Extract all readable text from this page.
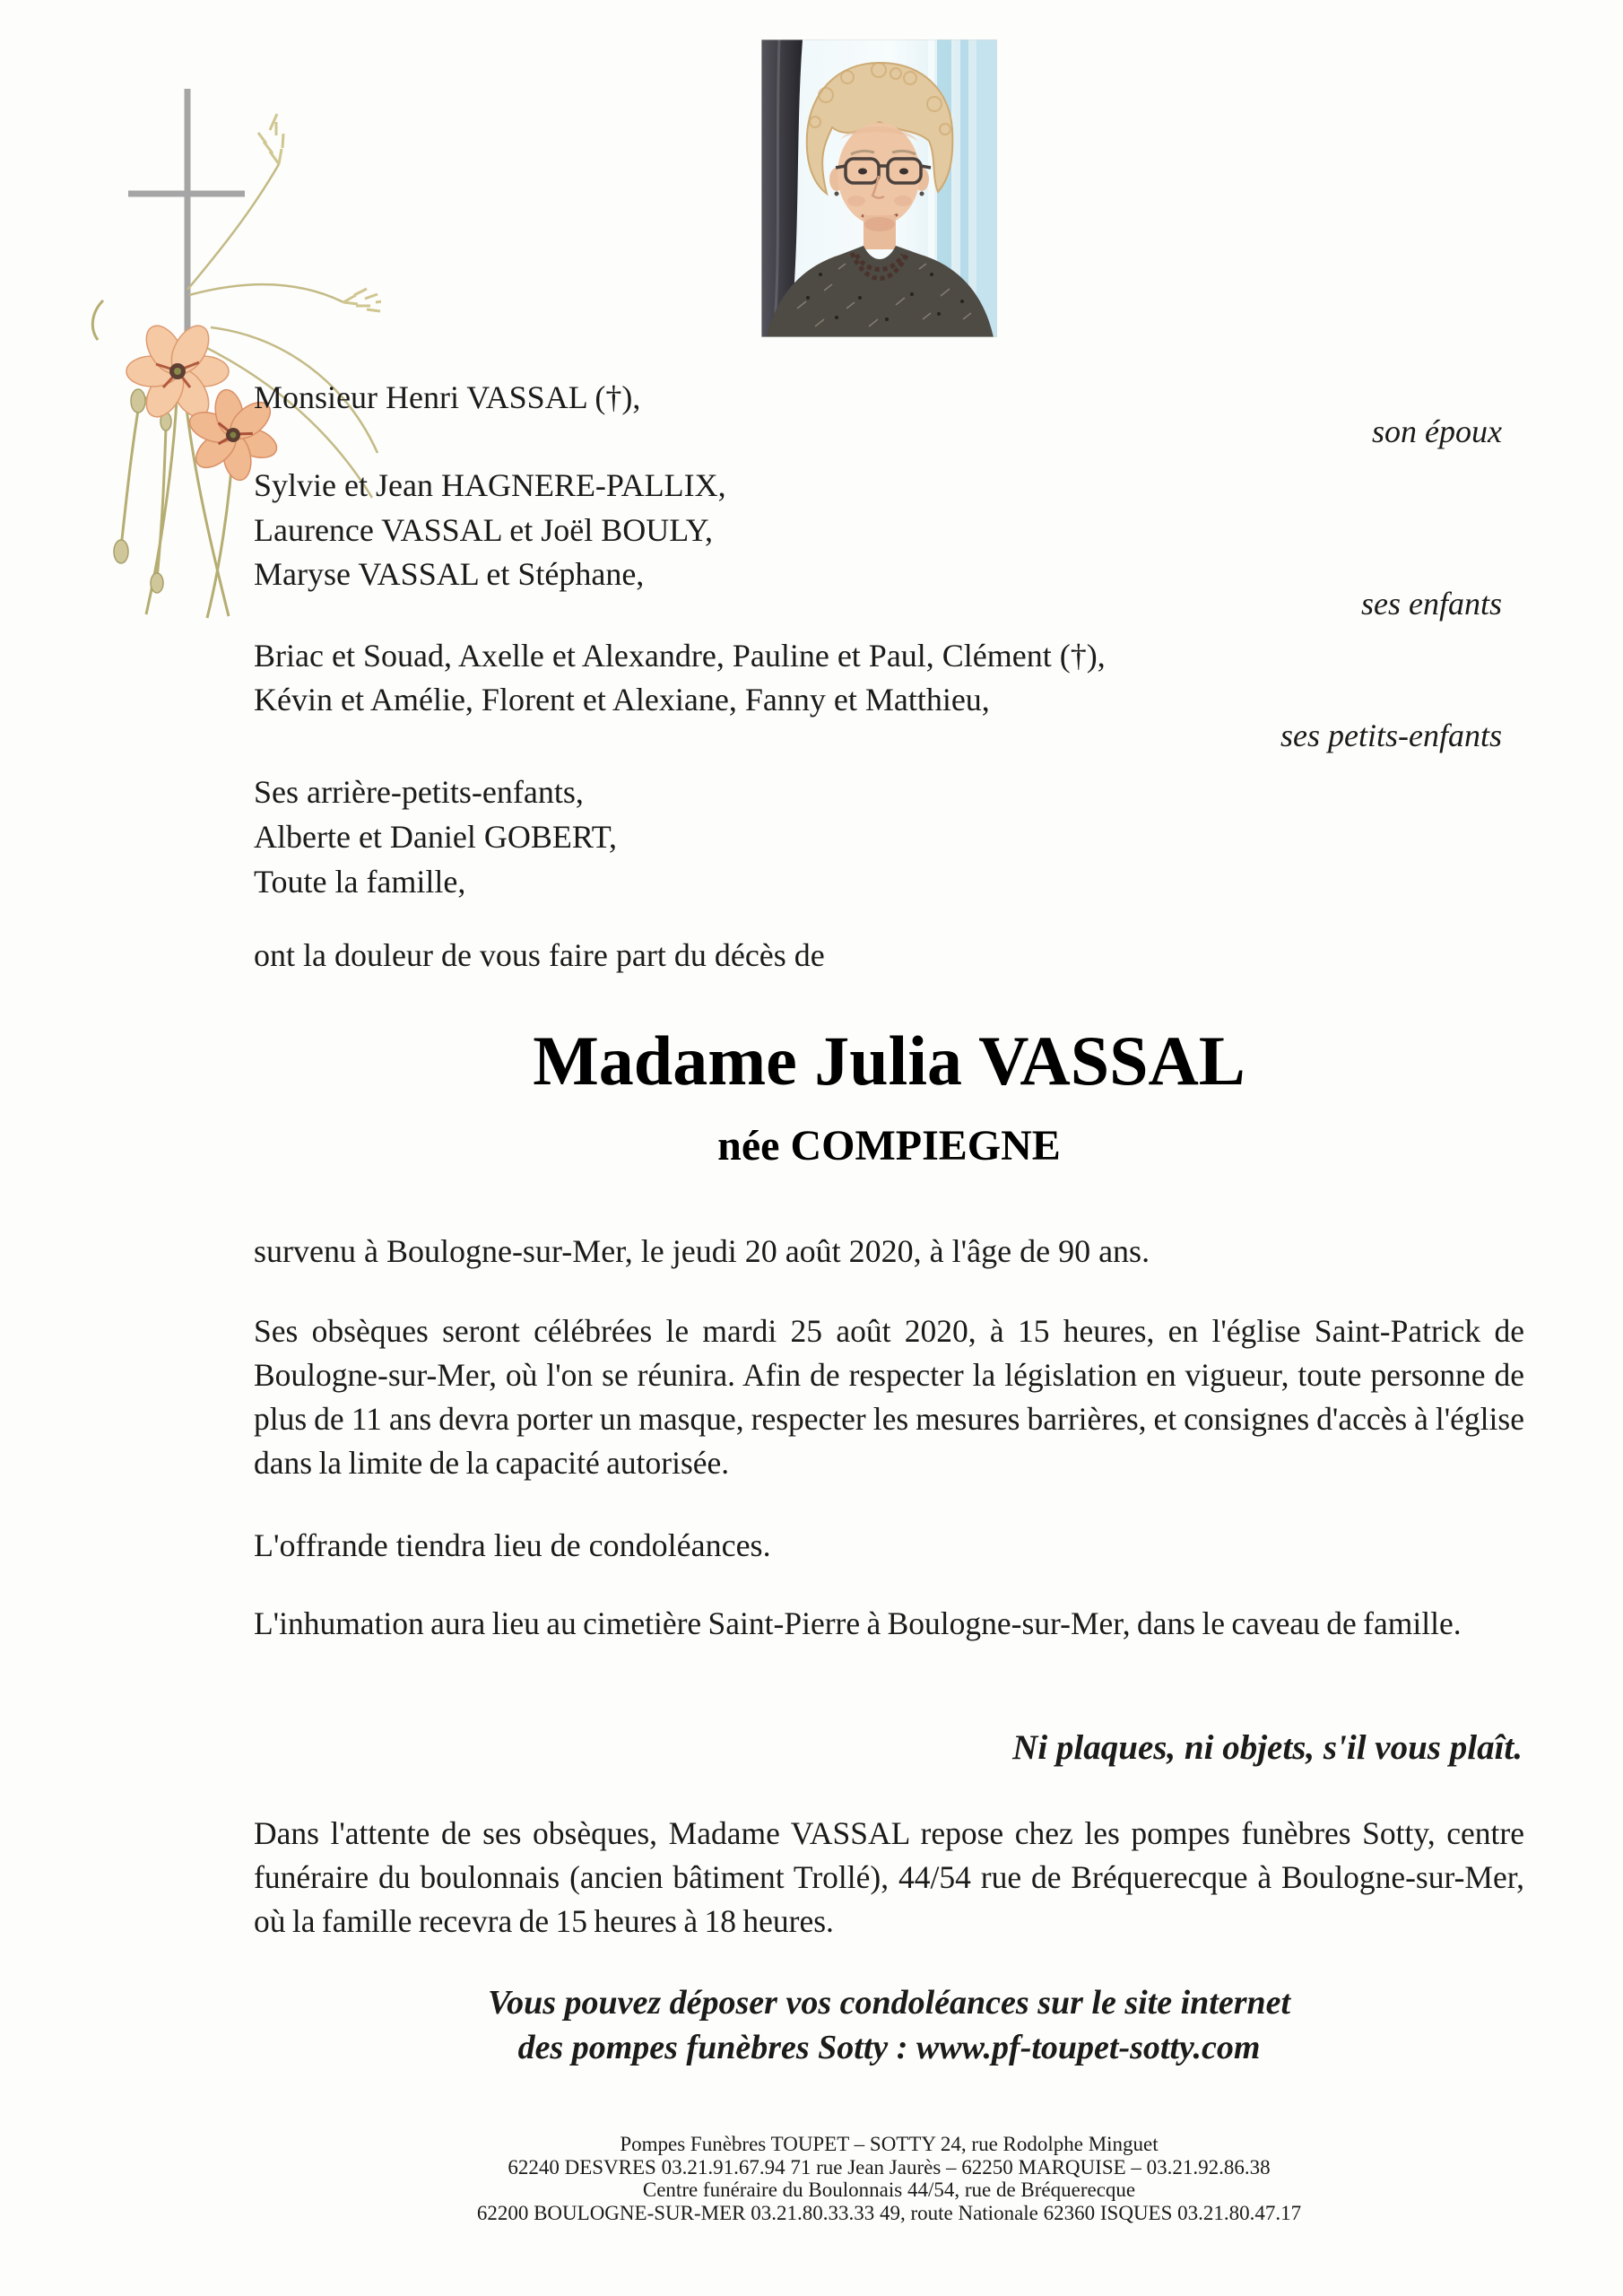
Monsieur Henri VASSAL (†),
son époux
Sylvie et Jean HAGNERE-PALLIX,
Laurence VASSAL et Joël BOULY,
Maryse VASSAL et Stéphane,
ses enfants
Briac et Souad, Axelle et Alexandre, Pauline et Paul, Clément (†),
Kévin et Amélie, Florent et Alexiane, Fanny et Matthieu,
ses petits-enfants
Ses arrière-petits-enfants,
Alberte et Daniel GOBERT,
Toute la famille,
ont la douleur de vous faire part du décès de
Madame Julia VASSAL
née COMPIEGNE
survenu à Boulogne-sur-Mer, le jeudi 20 août 2020, à l'âge de 90 ans.
Ses obsèques seront célébrées le mardi 25 août 2020, à 15 heures, en l'église Saint-Patrick de Boulogne-sur-Mer, où l'on se réunira. Afin de respecter la législation en vigueur, toute personne de plus de 11 ans devra porter un masque, respecter les mesures barrières, et consignes d'accès à l'église dans la limite de la capacité autorisée.
L'offrande tiendra lieu de condoléances.
L'inhumation aura lieu au cimetière Saint-Pierre à Boulogne-sur-Mer, dans le caveau de famille.
Ni plaques, ni objets, s'il vous plaît.
Dans l'attente de ses obsèques, Madame VASSAL repose chez les pompes funèbres Sotty, centre funéraire du boulonnais (ancien bâtiment Trollé), 44/54 rue de Bréquerecque à Boulogne-sur-Mer, où la famille recevra de 15 heures à 18 heures.
Vous pouvez déposer vos condoléances sur le site internet
des pompes funèbres Sotty : www.pf-toupet-sotty.com
Pompes Funèbres TOUPET – SOTTY 24, rue Rodolphe Minguet
62240 DESVRES 03.21.91.67.94 71 rue Jean Jaurès – 62250 MARQUISE – 03.21.92.86.38
Centre funéraire du Boulonnais 44/54, rue de Bréquerecque
62200 BOULOGNE-SUR-MER 03.21.80.33.33 49, route Nationale 62360 ISQUES 03.21.80.47.17
